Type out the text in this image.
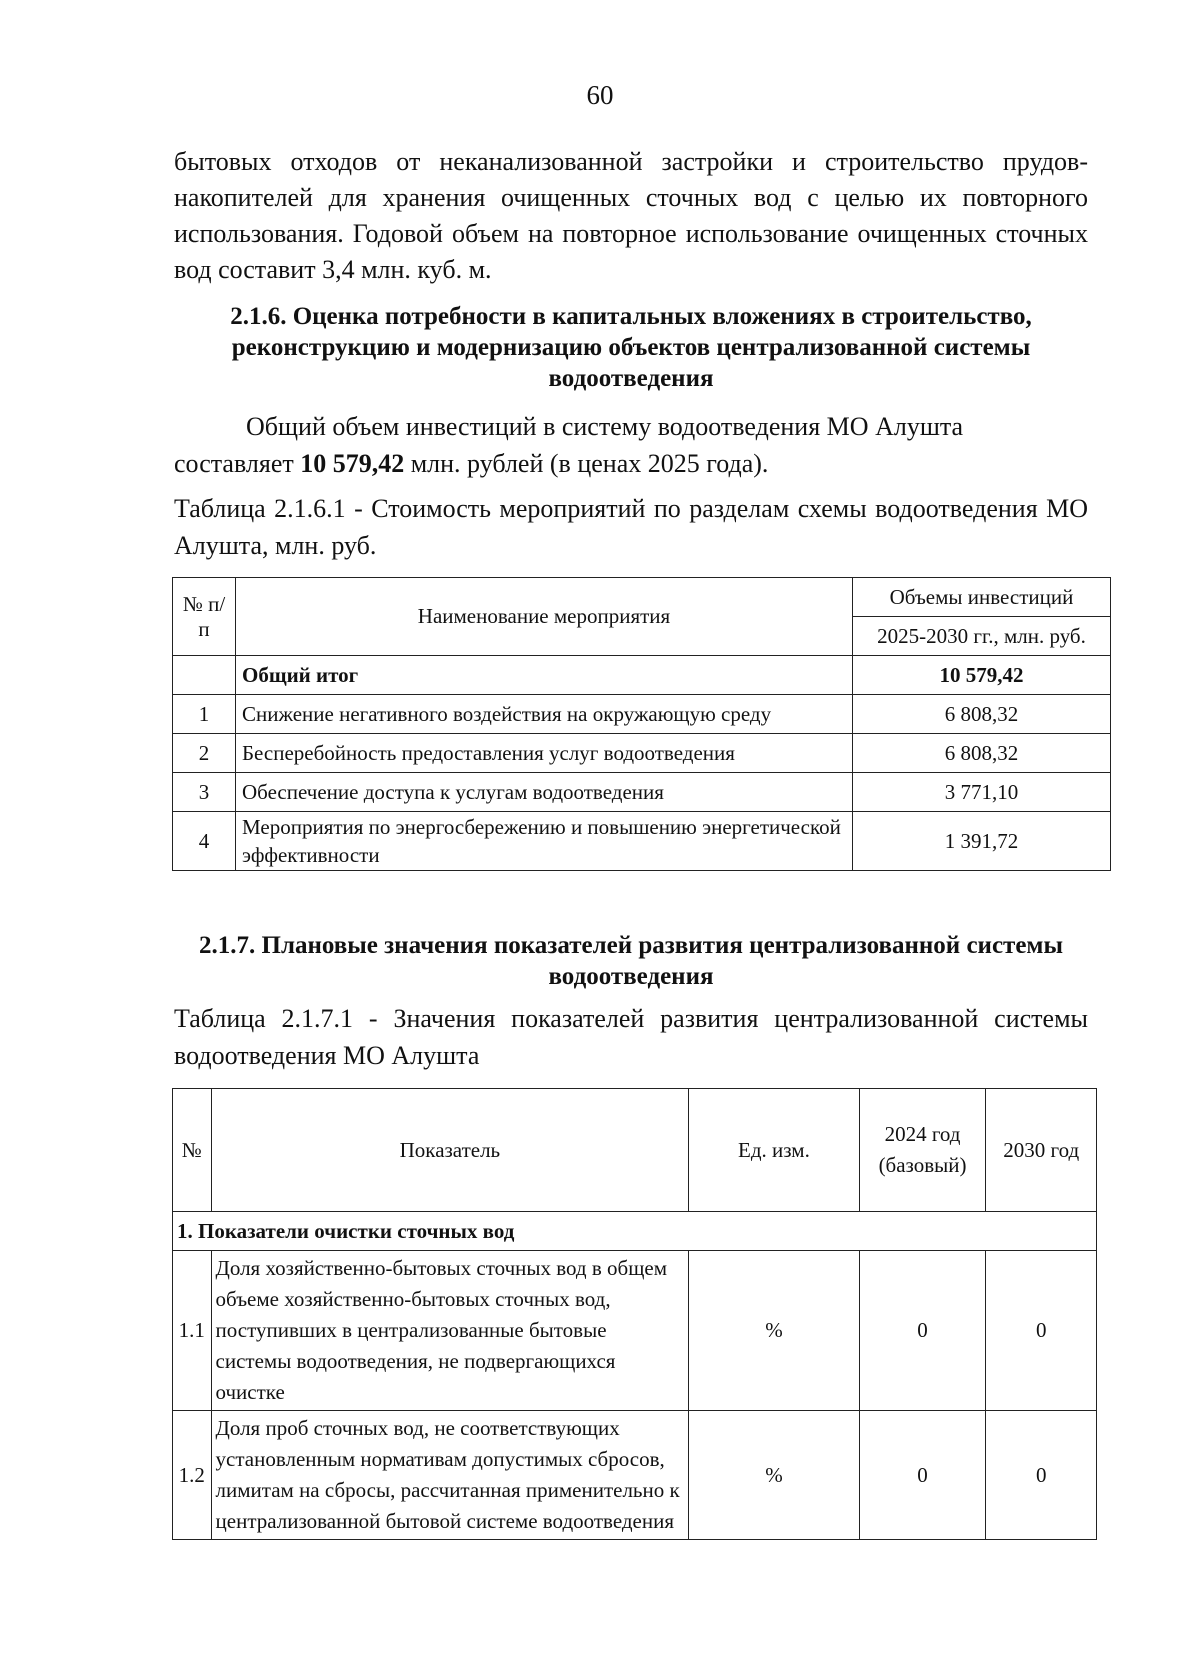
60

бытовых отходов от неканализованной застройки и строительство прудов-накопителей для хранения очищенных сточных вод с целью их повторного использования. Годовой объем на повторное использование очищенных сточных вод составит 3,4 млн. куб. м.

2.1.6. Оценка потребности в капитальных вложениях в строительство, реконструкцию и модернизацию объектов централизованной системы водоотведения

Общий объем инвестиций в систему водоотведения МО Алушта
составляет 10 579,42 млн. рублей (в ценах 2025 года).

Таблица 2.1.6.1 - Стоимость мероприятий по разделам схемы водоотведения МО Алушта, млн. руб.

№ п/п	Наименование мероприятия	Объемы инвестиций
		2025-2030 гг., млн. руб.
	Общий итог	10 579,42
1	Снижение негативного воздействия на окружающую среду	6 808,32
2	Бесперебойность предоставления услуг водоотведения	6 808,32
3	Обеспечение доступа к услугам водоотведения	3 771,10
4	Мероприятия по энергосбережению и повышению энергетической эффективности	1 391,72
2.1.7. Плановые значения показателей развития централизованной системы водоотведения

Таблица 2.1.7.1 - Значения показателей развития централизованной системы водоотведения МО Алушта

№	Показатель	Ед. изм.	2024 год (базовый)	2030 год
1. Показатели очистки сточных вод				
1.1	Доля хозяйственно-бытовых сточных вод в общем объеме хозяйственно-бытовых сточных вод, поступивших в централизованные бытовые системы водоотведения, не подвергающихся очистке	%	0	0
1.2	Доля проб сточных вод, не соответствующих установленным нормативам допустимых сбросов, лимитам на сбросы, рассчитанная применительно к централизованной бытовой системе водоотведения	%	0	0
